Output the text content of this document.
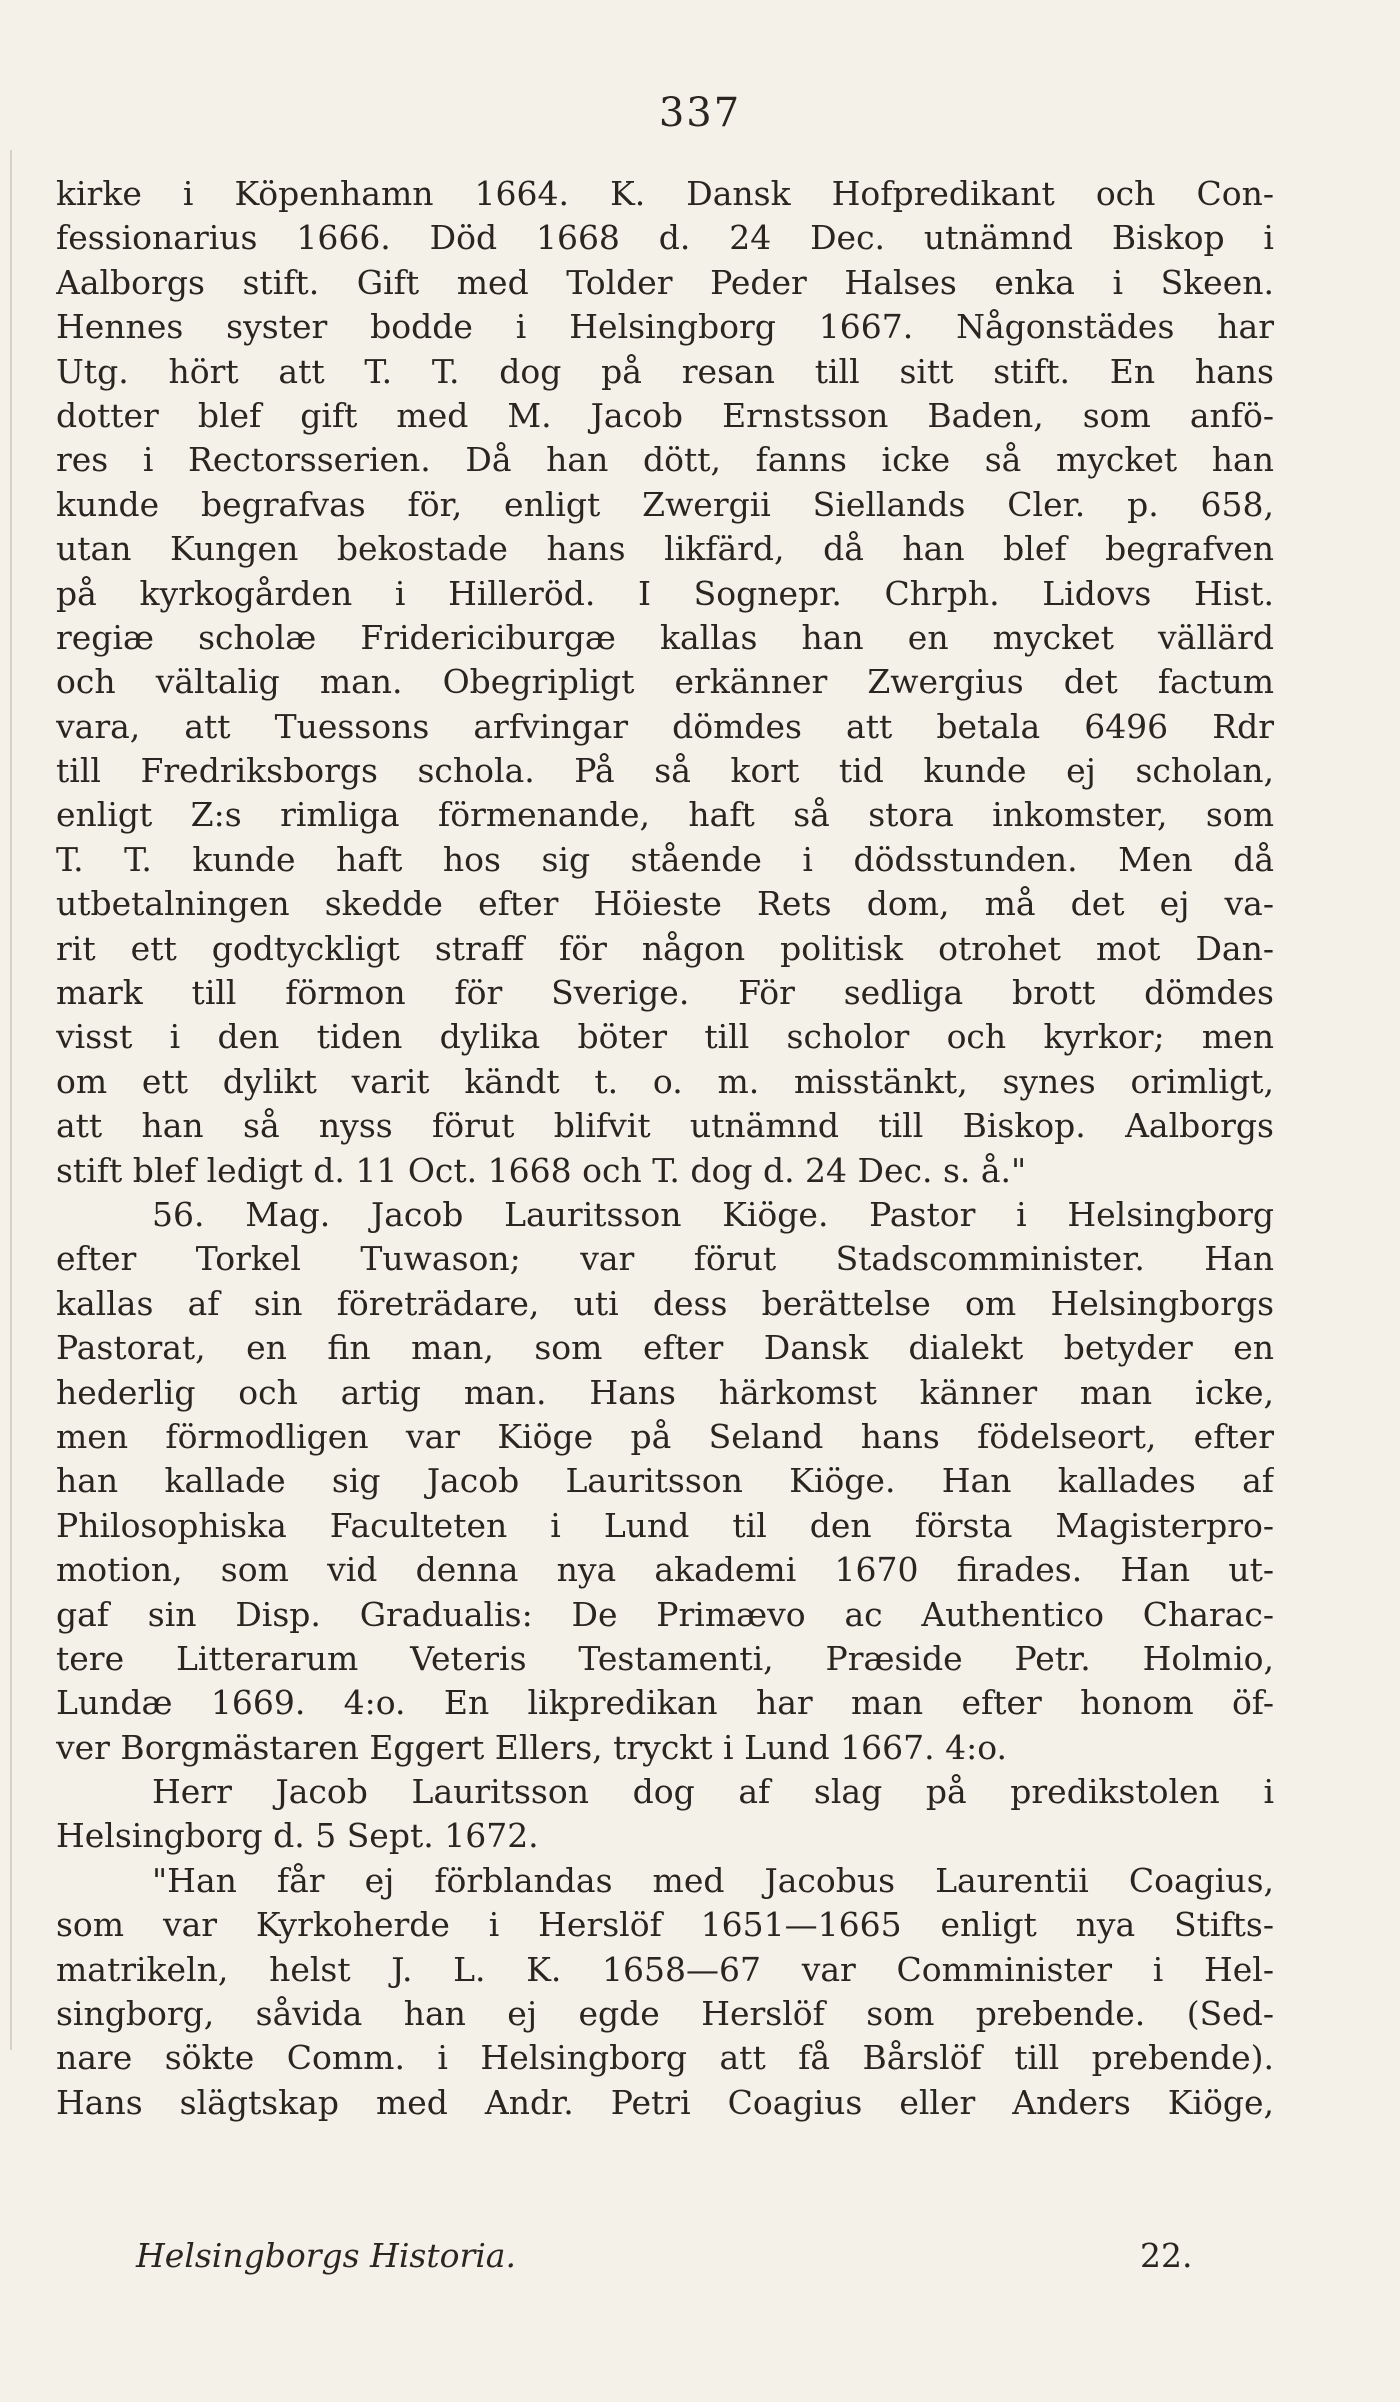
337
kirke i Köpenhamn 1664. K. Dansk Hofpredikant och Con-
fessionarius 1666. Död 1668 d. 24 Dec. utnämnd Biskop i
Aalborgs stift. Gift med Tolder Peder Halses enka i Skeen.
Hennes syster bodde i Helsingborg 1667. Någonstädes har
Utg. hört att T. T. dog på resan till sitt stift. En hans
dotter blef gift med M. Jacob Ernstsson Baden, som anfö-
res i Rectorsserien. Då han dött, fanns icke så mycket han
kunde begrafvas för, enligt Zwergii Siellands Cler. p. 658,
utan Kungen bekostade hans likfärd, då han blef begrafven
på kyrkogården i Hilleröd. I Sognepr. Chrph. Lidovs Hist.
regiæ scholæ Fridericiburgæ kallas han en mycket vällärd
och vältalig man. Obegripligt erkänner Zwergius det factum
vara, att Tuessons arfvingar dömdes att betala 6496 Rdr
till Fredriksborgs schola. På så kort tid kunde ej scholan,
enligt Z:s rimliga förmenande, haft så stora inkomster, som
T. T. kunde haft hos sig stående i dödsstunden. Men då
utbetalningen skedde efter Höieste Rets dom, må det ej va-
rit ett godtyckligt straff för någon politisk otrohet mot Dan-
mark till förmon för Sverige. För sedliga brott dömdes
visst i den tiden dylika böter till scholor och kyrkor; men
om ett dylikt varit kändt t. o. m. misstänkt, synes orimligt,
att han så nyss förut blifvit utnämnd till Biskop. Aalborgs
stift blef ledigt d. 11 Oct. 1668 och T. dog d. 24 Dec. s. å."
56. Mag. Jacob Lauritsson Kiöge. Pastor i Helsingborg
efter Torkel Tuwason; var förut Stadscomminister. Han
kallas af sin företrädare, uti dess berättelse om Helsingborgs
Pastorat, en fin man, som efter Dansk dialekt betyder en
hederlig och artig man. Hans härkomst känner man icke,
men förmodligen var Kiöge på Seland hans födelseort, efter
han kallade sig Jacob Lauritsson Kiöge. Han kallades af
Philosophiska Faculteten i Lund til den första Magisterpro-
motion, som vid denna nya akademi 1670 firades. Han ut-
gaf sin Disp. Gradualis: De Primævo ac Authentico Charac-
tere Litterarum Veteris Testamenti, Præside Petr. Holmio,
Lundæ 1669. 4:o. En likpredikan har man efter honom öf-
ver Borgmästaren Eggert Ellers, tryckt i Lund 1667. 4:o.
Herr Jacob Lauritsson dog af slag på predikstolen i
Helsingborg d. 5 Sept. 1672.
"Han får ej förblandas med Jacobus Laurentii Coagius,
som var Kyrkoherde i Herslöf 1651—1665 enligt nya Stifts-
matrikeln, helst J. L. K. 1658—67 var Comminister i Hel-
singborg, såvida han ej egde Herslöf som prebende. (Sed-
nare sökte Comm. i Helsingborg att få Bårslöf till prebende).
Hans slägtskap med Andr. Petri Coagius eller Anders Kiöge,
Helsingborgs Historia.	22.
